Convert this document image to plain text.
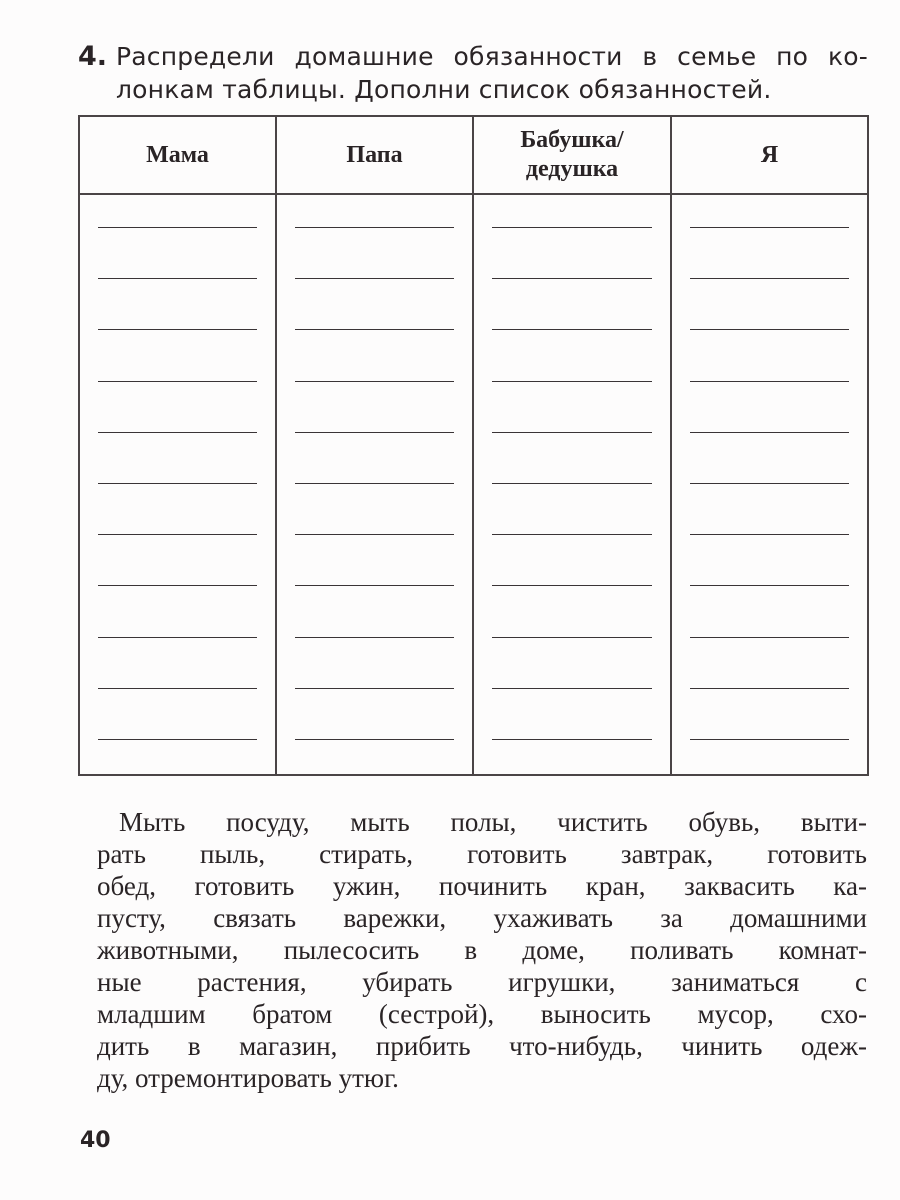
4. Распредели домашние обязанности в семье по ко-
лонкам таблицы. Дополни список обязанностей.
Мама	Папа	Бабушка/
дедушка	Я

Мыть посуду, мыть полы, чистить обувь, выти-
рать пыль, стирать, готовить завтрак, готовить
обед, готовить ужин, починить кран, заквасить ка-
пусту, связать варежки, ухаживать за домашними
животными, пылесосить в доме, поливать комнат-
ные растения, убирать игрушки, заниматься с
младшим братом (сестрой), выносить мусор, схо-
дить в магазин, прибить что-нибудь, чинить одеж-
ду, отремонтировать утюг.
40
